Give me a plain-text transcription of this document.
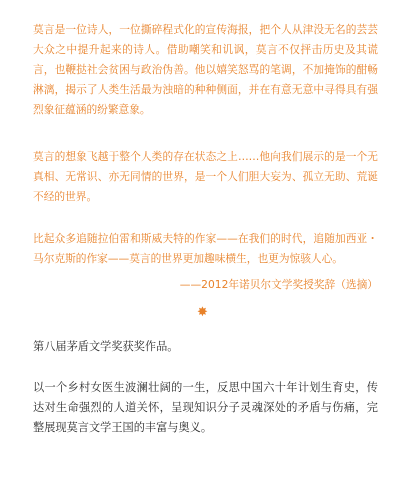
莫言是一位诗人，一位撕碎程式化的宣传海报，把个人从津没无名的芸芸大众之中提升起来的诗人。借助嘲笑和讥讽，莫言不仅抨击历史及其谎言，也鞭挞社会贫困与政治伪善。他以嬉笑怒骂的笔调，不加掩饰的酣畅淋漓，揭示了人类生活最为浊暗的种种侧面，并在有意无意中寻得具有强烈象征蕴涵的纷繁意象。

莫言的想象飞越于整个人类的存在状态之上……他向我们展示的是一个无真相、无常识、亦无同情的世界，是一个人们胆大妄为、孤立无助、荒诞不经的世界。

比起众多追随拉伯雷和斯威夫特的作家——在我们的时代，追随加西亚・马尔克斯的作家——莫言的世界更加趣味横生，也更为惊骇人心。

——2012年诺贝尔文学奖授奖辞（选摘）

✸

第八届茅盾文学奖获奖作品。

以一个乡村女医生波澜壮阔的一生，反思中国六十年计划生育史，传达对生命强烈的人道关怀，呈现知识分子灵魂深处的矛盾与伤痛，完整展现莫言文学王国的丰富与奥义。
